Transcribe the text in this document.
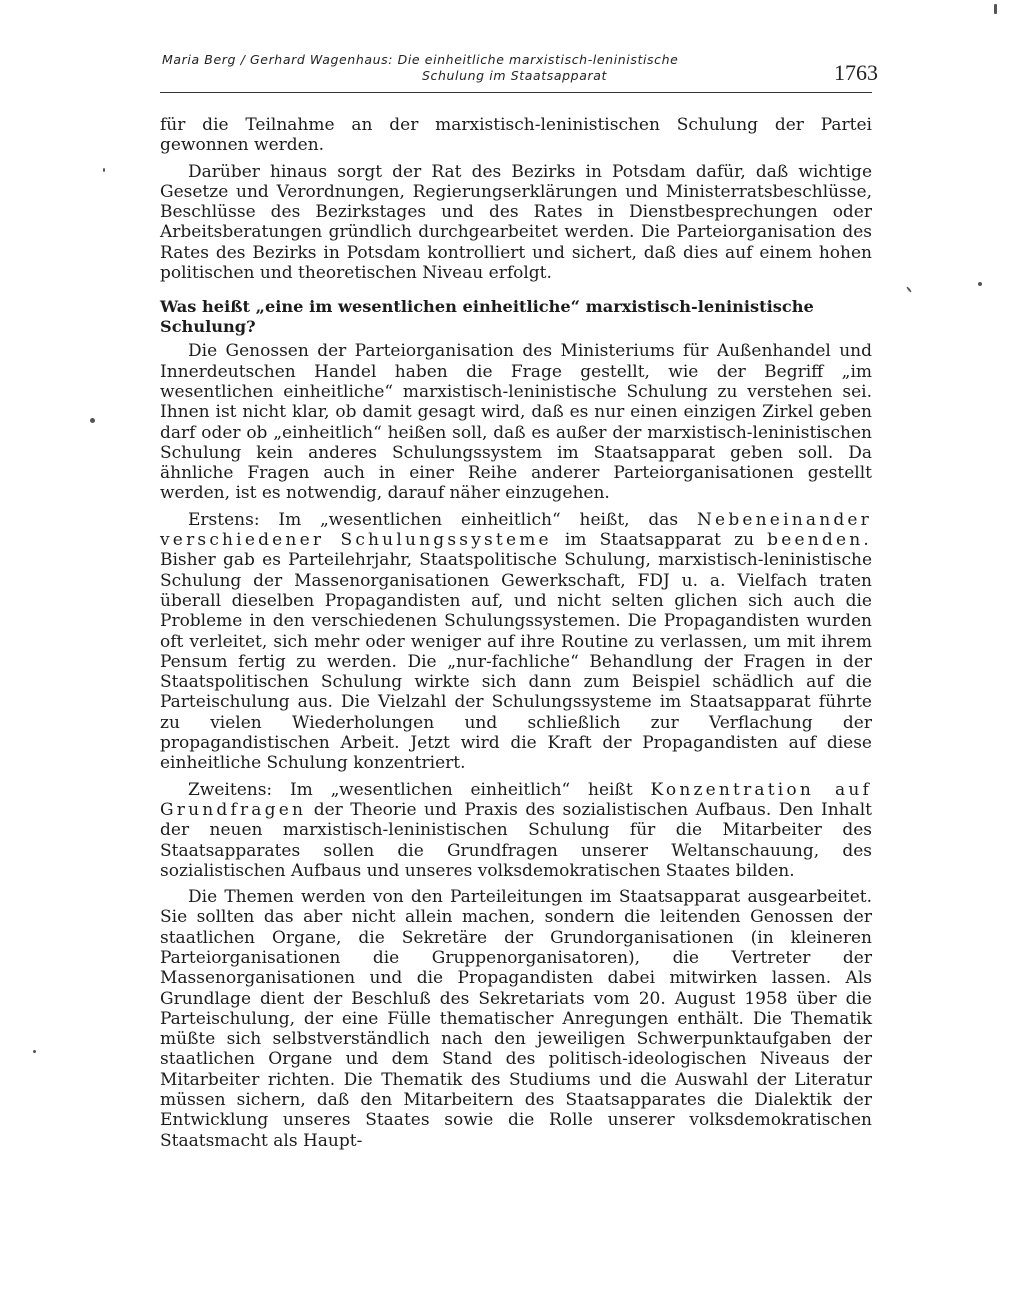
Maria Berg / Gerhard Wagenhaus: Die einheitliche marxistisch-leninistische
Schulung im Staatsapparat	1763

für die Teilnahme an der marxistisch-leninistischen Schulung der Partei gewonnen werden.

Darüber hinaus sorgt der Rat des Bezirks in Potsdam dafür, daß wichtige Gesetze und Verordnungen, Regierungserklärungen und Ministerratsbeschlüsse, Beschlüsse des Bezirkstages und des Rates in Dienstbesprechungen oder Arbeitsberatungen gründlich durchgearbeitet werden. Die Parteiorganisation des Rates des Bezirks in Potsdam kontrolliert und sichert, daß dies auf einem hohen politischen und theoretischen Niveau erfolgt.

Was heißt „eine im wesentlichen einheitliche“ marxistisch-leninistische Schulung?

Die Genossen der Parteiorganisation des Ministeriums für Außenhandel und Innerdeutschen Handel haben die Frage gestellt, wie der Begriff „im wesentlichen einheitliche“ marxistisch-leninistische Schulung zu verstehen sei. Ihnen ist nicht klar, ob damit gesagt wird, daß es nur einen einzigen Zirkel geben darf oder ob „einheitlich“ heißen soll, daß es außer der marxistisch-leninistischen Schulung kein anderes Schulungssystem im Staatsapparat geben soll. Da ähnliche Fragen auch in einer Reihe anderer Parteiorganisationen gestellt werden, ist es notwendig, darauf näher einzugehen.

Erstens: Im „wesentlichen einheitlich“ heißt, das Nebeneinander verschiedener Schulungssysteme im Staatsapparat zu beenden. Bisher gab es Parteilehrjahr, Staatspolitische Schulung, marxistisch-leninistische Schulung der Massenorganisationen Gewerkschaft, FDJ u. a. Vielfach traten überall dieselben Propagandisten auf, und nicht selten glichen sich auch die Probleme in den verschiedenen Schulungssystemen. Die Propagandisten wurden oft verleitet, sich mehr oder weniger auf ihre Routine zu verlassen, um mit ihrem Pensum fertig zu werden. Die „nur-fachliche“ Behandlung der Fragen in der Staatspolitischen Schulung wirkte sich dann zum Beispiel schädlich auf die Parteischulung aus. Die Vielzahl der Schulungssysteme im Staatsapparat führte zu vielen Wiederholungen und schließlich zur Verflachung der propagandistischen Arbeit. Jetzt wird die Kraft der Propagandisten auf diese einheitliche Schulung konzentriert.

Zweitens: Im „wesentlichen einheitlich“ heißt Konzentration auf Grundfragen der Theorie und Praxis des sozialistischen Aufbaus. Den Inhalt der neuen marxistisch-leninistischen Schulung für die Mitarbeiter des Staatsapparates sollen die Grundfragen unserer Weltanschauung, des sozialistischen Aufbaus und unseres volksdemokratischen Staates bilden.

Die Themen werden von den Parteileitungen im Staatsapparat ausgearbeitet. Sie sollten das aber nicht allein machen, sondern die leitenden Genossen der staatlichen Organe, die Sekretäre der Grundorganisationen (in kleineren Parteiorganisationen die Gruppenorganisatoren), die Vertreter der Massenorganisationen und die Propagandisten dabei mitwirken lassen. Als Grundlage dient der Beschluß des Sekretariats vom 20. August 1958 über die Parteischulung, der eine Fülle thematischer Anregungen enthält. Die Thematik müßte sich selbstverständlich nach den jeweiligen Schwerpunktaufgaben der staatlichen Organe und dem Stand des politisch-ideologischen Niveaus der Mitarbeiter richten. Die Thematik des Studiums und die Auswahl der Literatur müssen sichern, daß den Mitarbeitern des Staatsapparates die Dialektik der Entwicklung unseres Staates sowie die Rolle unserer volksdemokratischen Staatsmacht als Haupt-
